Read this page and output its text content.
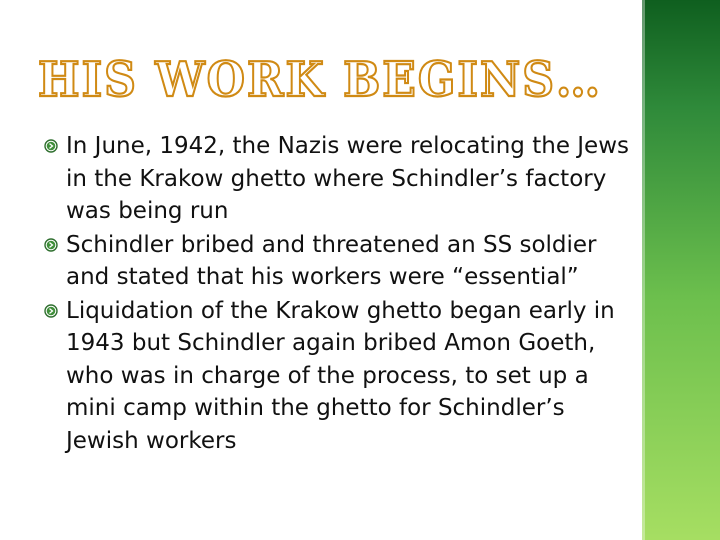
HIS WORK BEGINS…
In June, 1942, the Nazis were relocating the Jews in the Krakow ghetto where Schindler’s factory was being run
Schindler bribed and threatened an SS soldier and stated that his workers were “essential”
Liquidation of the Krakow ghetto began early in 1943 but Schindler again bribed Amon Goeth, who was in charge of the process, to set up a mini camp within the ghetto for Schindler’s Jewish workers
